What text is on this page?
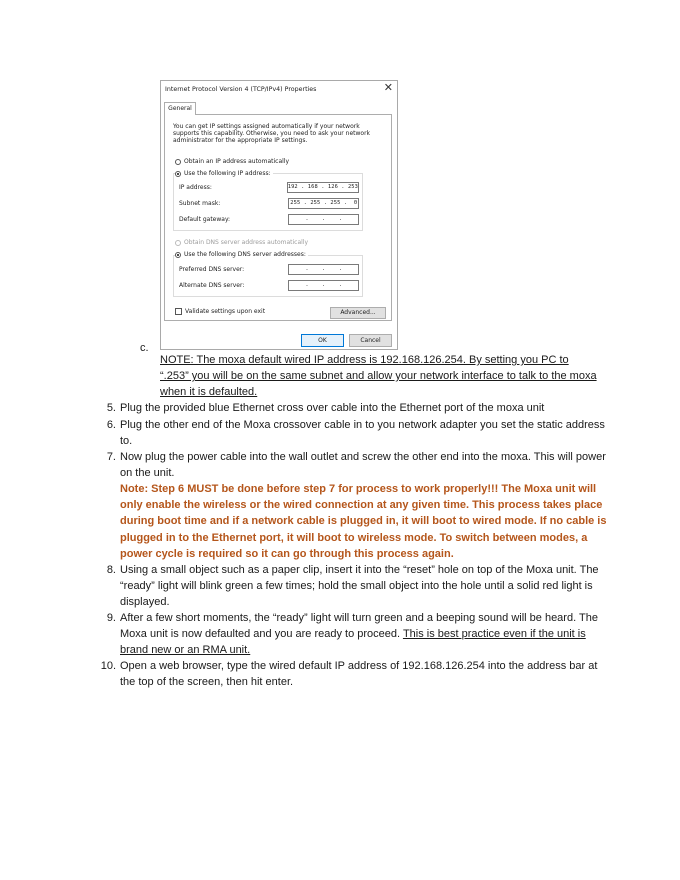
Internet Protocol Version 4 (TCP/IPv4) Properties	✕
General
You can get IP settings assigned automatically if your network supports this capability. Otherwise, you need to ask your network administrator for the appropriate IP settings.
Obtain an IP address automatically
IP address:	192 . 168 . 126 . 253
Subnet mask:	255 . 255 . 255 .  0
Default gateway:	.    .    .
Use the following IP address:
Obtain DNS server address automatically
Preferred DNS server:	.    .    .
Alternate DNS server:	.    .    .
Use the following DNS server addresses:
Validate settings upon exit	Advanced...
OK	Cancel
c.
NOTE: The moxa default wired IP address is 192.168.126.254. By setting you PC to “.253” you will be on the same subnet and allow your network interface to talk to the moxa when it is defaulted.
5. Plug the provided blue Ethernet cross over cable into the Ethernet port of the moxa unit
6. Plug the other end of the Moxa crossover cable in to you network adapter you set the static address to.
7. Now plug the power cable into the wall outlet and screw the other end into the moxa. This will power on the unit.
Note: Step 6 MUST be done before step 7 for process to work properly!!! The Moxa unit will only enable the wireless or the wired connection at any given time. This process takes place during boot time and if a network cable is plugged in, it will boot to wired mode. If no cable is plugged in to the Ethernet port, it will boot to wireless mode. To switch between modes, a power cycle is required so it can go through this process again.
8. Using a small object such as a paper clip, insert it into the “reset” hole on top of the Moxa unit. The “ready” light will blink green a few times; hold the small object into the hole until a solid red light is displayed.
9. After a few short moments, the “ready” light will turn green and a beeping sound will be heard. The Moxa unit is now defaulted and you are ready to proceed. This is best practice even if the unit is brand new or an RMA unit.
10. Open a web browser, type the wired default IP address of 192.168.126.254 into the address bar at the top of the screen, then hit enter.
